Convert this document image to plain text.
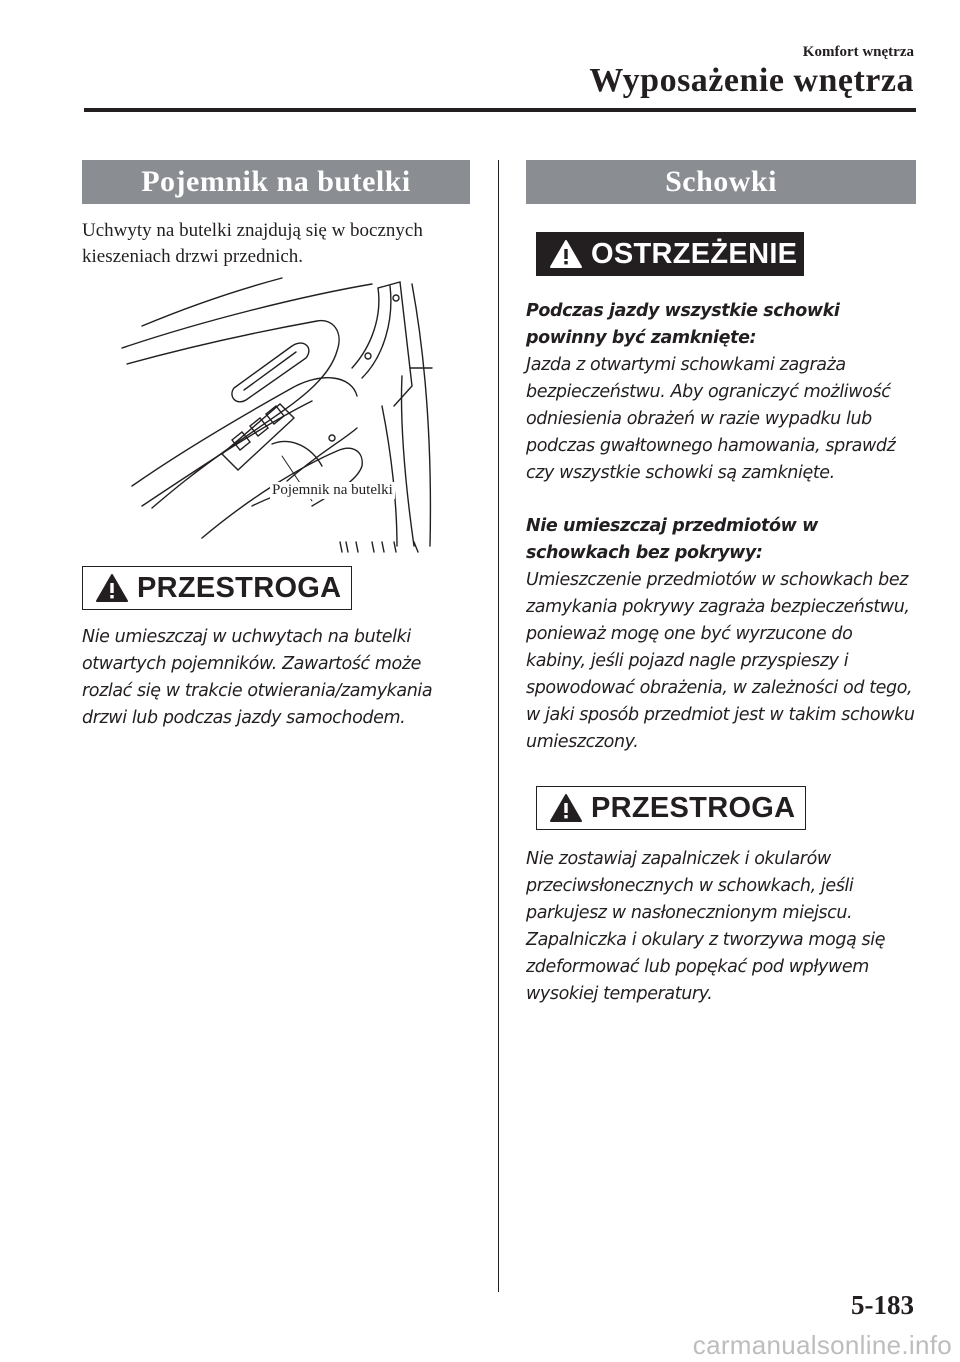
Komfort wnętrza
Wyposażenie wnętrza
Pojemnik na butelki

Uchwyty na butelki znajdują się w bocznych kieszeniach drzwi przednich.

Pojemnik na butelki
PRZESTROGA

Nie umieszczaj w uchwytach na butelki otwartych pojemników. Zawartość może rozlać się w trakcie otwierania/zamykania drzwi lub podczas jazdy samochodem.

Schowki
OSTRZEŻENIE

Podczas jazdy wszystkie schowki powinny być zamknięte:

Jazda z otwartymi schowkami zagraża bezpieczeństwu. Aby ograniczyć możliwość odniesienia obrażeń w razie wypadku lub podczas gwałtownego hamowania, sprawdź czy wszystkie schowki są zamknięte.

Nie umieszczaj przedmiotów w schowkach bez pokrywy:

Umieszczenie przedmiotów w schowkach bez zamykania pokrywy zagraża bezpieczeństwu, ponieważ mogę one być wyrzucone do kabiny, jeśli pojazd nagle przyspieszy i spowodować obrażenia, w zależności od tego, w jaki sposób przedmiot jest w takim schowku umieszczony.

PRZESTROGA

Nie zostawiaj zapalniczek i okularów przeciwsłonecznych w schowkach, jeśli parkujesz w nasłonecznionym miejscu. Zapalniczka i okulary z tworzywa mogą się zdeformować lub popękać pod wpływem wysokiej temperatury.

5-183
carmanualsonline.info
